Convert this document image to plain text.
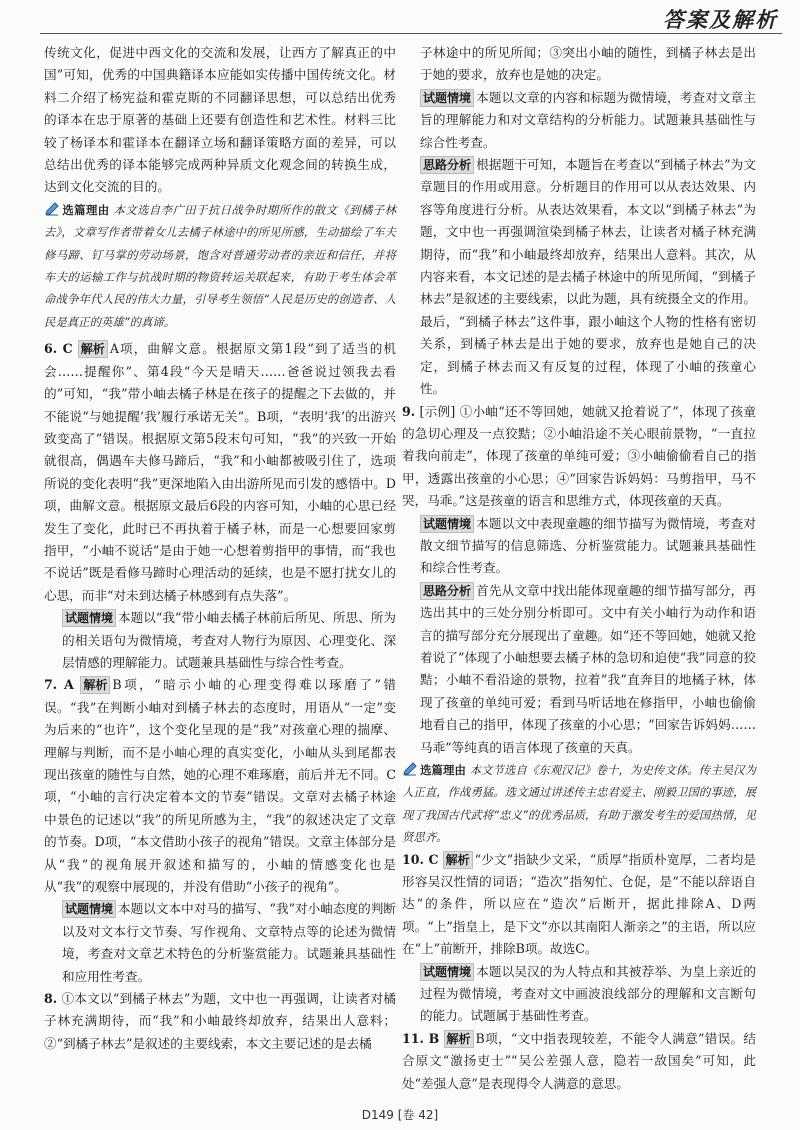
答案及解析

传统文化，促进中西文化的交流和发展，让西方了解真正的中国”可知，优秀的中国典籍译本应能如实传播中国传统文化。材料二介绍了杨宪益和霍克斯的不同翻译思想，可以总结出优秀的译本在忠于原著的基础上还要有创造性和艺术性。材料三比较了杨译本和霍译本在翻译立场和翻译策略方面的差异，可以总结出优秀的译本能够完成两种异质文化观念间的转换生成，达到文化交流的目的。

选篇理由 本文选自李广田于抗日战争时期所作的散文《到橘子林去》，文章写作者带着女儿去橘子林途中的所见所感，生动描绘了车夫修马蹄、钉马掌的劳动场景，饱含对普通劳动者的亲近和信任，并将车夫的运输工作与抗战时期的物资转运关联起来，有助于考生体会革命战争年代人民的伟大力量，引导考生领悟“人民是历史的创造者、人民是真正的英雄”的真谛。

6. C 解析 A项，曲解文意。根据原文第1段“到了适当的机会……提醒你”、第4段“今天是晴天……爸爸说过领我去看的”可知，“我”带小岫去橘子林是在孩子的提醒之下去做的，并不能说“与她提醒‘我’履行承诺无关”。B项，“表明‘我’的出游兴致变高了”错误。根据原文第5段末句可知，“我”的兴致一开始就很高，偶遇车夫修马蹄后，“我”和小岫都被吸引住了，选项所说的变化表明“我”更深地陷入由出游所见而引发的感悟中。D项，曲解文意。根据原文最后6段的内容可知，小岫的心思已经发生了变化，此时已不再执着于橘子林，而是一心想要回家剪指甲，“小岫不说话”是由于她一心想着剪指甲的事情，而“我也不说话”既是看修马蹄时心理活动的延续，也是不愿打扰女儿的心思，而非“对未到达橘子林感到有点失落”。

试题情境 本题以“我”带小岫去橘子林前后所见、所思、所为的相关语句为微情境，考查对人物行为原因、心理变化、深层情感的理解能力。试题兼具基础性与综合性考查。

7. A 解析 B项，“暗示小岫的心理变得难以琢磨了”错误。“我”在判断小岫对到橘子林去的态度时，用语从“一定”变为后来的“也许”，这个变化呈现的是“我”对孩童心理的揣摩、理解与判断，而不是小岫心理的真实变化，小岫从头到尾都表现出孩童的随性与自然，她的心理不难琢磨，前后并无不同。C项，“小岫的言行决定着本文的节奏”错误。文章对去橘子林途中景色的记述以“我”的所见所感为主，“我”的叙述决定了文章的节奏。D项，“本文借助小孩子的视角”错误。文章主体部分是从“我”的视角展开叙述和描写的，小岫的情感变化也是从“我”的观察中展现的，并没有借助“小孩子的视角”。

试题情境 本题以文本中对马的描写、“我”对小岫态度的判断以及对文本行文节奏、写作视角、文章特点等的论述为微情境，考查对文章艺术特色的分析鉴赏能力。试题兼具基础性和应用性考查。

8. ①本文以“到橘子林去”为题，文中也一再强调，让读者对橘子林充满期待，而“我”和小岫最终却放弃，结果出人意料；②“到橘子林去”是叙述的主要线索，本文主要记述的是去橘

子林途中的所见所闻；③突出小岫的随性，到橘子林去是出于她的要求，放弃也是她的决定。

试题情境 本题以文章的内容和标题为微情境，考查对文章主旨的理解能力和对文章结构的分析能力。试题兼具基础性与综合性考查。

思路分析 根据题干可知，本题旨在考查以“到橘子林去”为文章题目的作用或用意。分析题目的作用可以从表达效果、内容等角度进行分析。从表达效果看，本文以“到橘子林去”为题，文中也一再强调渲染到橘子林去，让读者对橘子林充满期待，而“我”和小岫最终却放弃，结果出人意料。其次，从内容来看，本文记述的是去橘子林途中的所见所闻，“到橘子林去”是叙述的主要线索，以此为题，具有统摄全文的作用。最后，“到橘子林去”这件事，跟小岫这个人物的性格有密切关系，到橘子林去是出于她的要求，放弃也是她自己的决定，到橘子林去而又有反复的过程，体现了小岫的孩童心性。

9. [示例] ①小岫“还不等回她，她就又抢着说了”，体现了孩童的急切心理及一点狡黠；②小岫沿途不关心眼前景物，“一直拉着我向前走”，体现了孩童的单纯可爱；③小岫偷偷看自己的指甲，透露出孩童的小心思；④“回家告诉妈妈：马剪指甲，马不哭，马乖。”这是孩童的语言和思维方式，体现孩童的天真。

试题情境 本题以文中表现童趣的细节描写为微情境，考查对散文细节描写的信息筛选、分析鉴赏能力。试题兼具基础性和综合性考查。

思路分析 首先从文章中找出能体现童趣的细节描写部分，再选出其中的三处分别分析即可。文中有关小岫行为动作和语言的描写部分充分展现出了童趣。如“还不等回她，她就又抢着说了”体现了小岫想要去橘子林的急切和迫使“我”同意的狡黠；小岫不看沿途的景物，拉着“我”直奔目的地橘子林，体现了孩童的单纯可爱；看到马听话地在修指甲，小岫也偷偷地看自己的指甲，体现了孩童的小心思；“回家告诉妈妈……马乖”等纯真的语言体现了孩童的天真。

选篇理由 本文节选自《东观汉记》卷十，为史传文体。传主吴汉为人正直，作战勇猛。选文通过讲述传主忠君爱主、刚毅卫国的事迹，展现了我国古代武将“忠义”的优秀品质，有助于激发考生的爱国热情，见贤思齐。

10. C 解析 “少文”指缺少文采，“质厚”指质朴宽厚，二者均是形容吴汉性情的词语；“造次”指匆忙、仓促，是“不能以辞语自达”的条件，所以应在“造次”后断开，据此排除A、D两项。“上”指皇上，是下文“亦以其南阳人渐亲之”的主语，所以应在“上”前断开，排除B项。故选C。

试题情境 本题以吴汉的为人特点和其被荐举、为皇上亲近的过程为微情境，考查对文中画波浪线部分的理解和文言断句的能力。试题属于基础性考查。

11. B 解析 B项，“文中指表现较差，不能令人满意”错误。结合原文“激扬吏士”“吴公差强人意，隐若一敌国矣”可知，此处“差强人意”是表现得令人满意的意思。

D149 [卷 42]
